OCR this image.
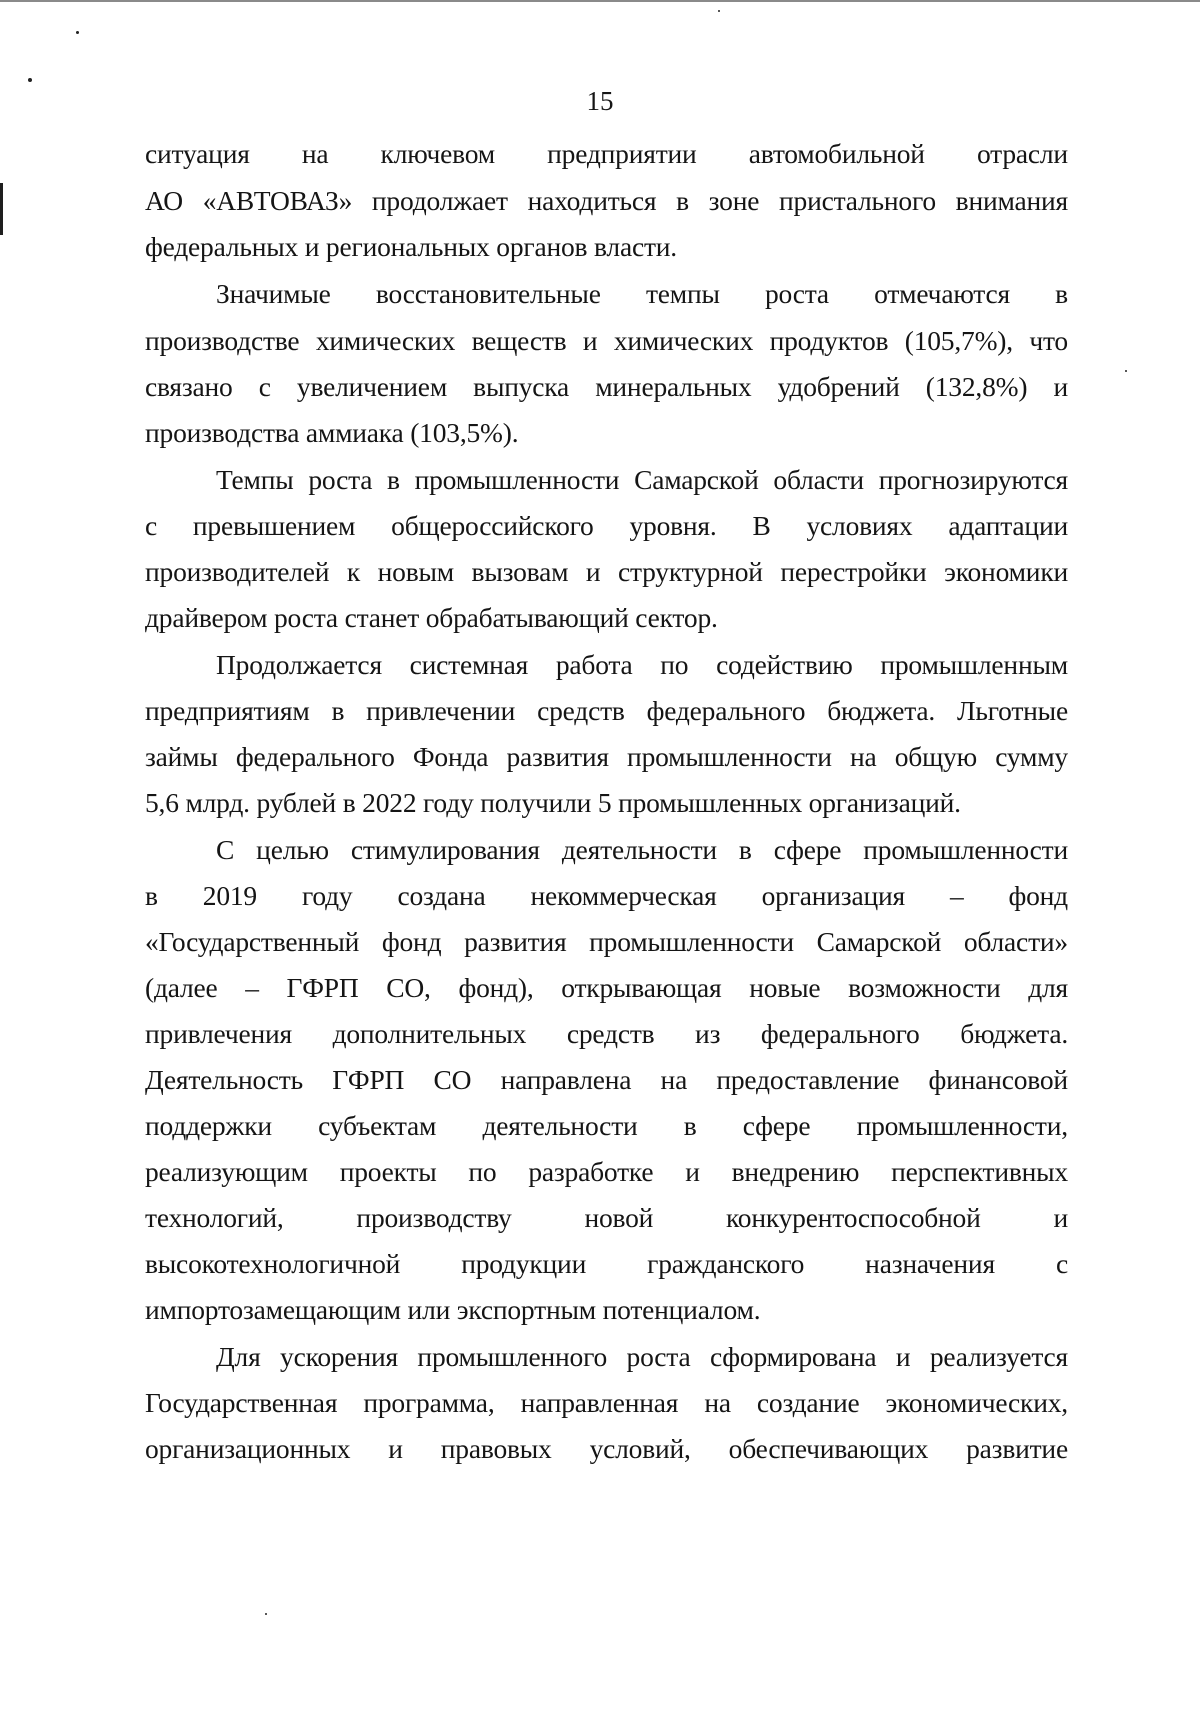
15
ситуация на ключевом предприятии автомобильной отрасли
АО «АВТОВАЗ» продолжает находиться в зоне пристального внимания
федеральных и региональных органов власти.
Значимые восстановительные темпы роста отмечаются в
производстве химических веществ и химических продуктов (105,7%), что
связано с увеличением выпуска минеральных удобрений (132,8%) и
производства аммиака (103,5%).
Темпы роста в промышленности Самарской области прогнозируются
с превышением общероссийского уровня. В условиях адаптации
производителей к новым вызовам и структурной перестройки экономики
драйвером роста станет обрабатывающий сектор.
Продолжается системная работа по содействию промышленным
предприятиям в привлечении средств федерального бюджета. Льготные
займы федерального Фонда развития промышленности на общую сумму
5,6 млрд. рублей в 2022 году получили 5 промышленных организаций.
С целью стимулирования деятельности в сфере промышленности
в 2019 году создана некоммерческая организация – фонд
«Государственный фонд развития промышленности Самарской области»
(далее – ГФРП СО, фонд), открывающая новые возможности для
привлечения дополнительных средств из федерального бюджета.
Деятельность ГФРП СО направлена на предоставление финансовой
поддержки субъектам деятельности в сфере промышленности,
реализующим проекты по разработке и внедрению перспективных
технологий,	производству	новой	конкурентоспособной	и
высокотехнологичной продукции гражданского назначения с
импортозамещающим или экспортным потенциалом.
Для ускорения промышленного роста сформирована и реализуется
Государственная программа, направленная на создание экономических,
организационных и правовых условий, обеспечивающих развитие
